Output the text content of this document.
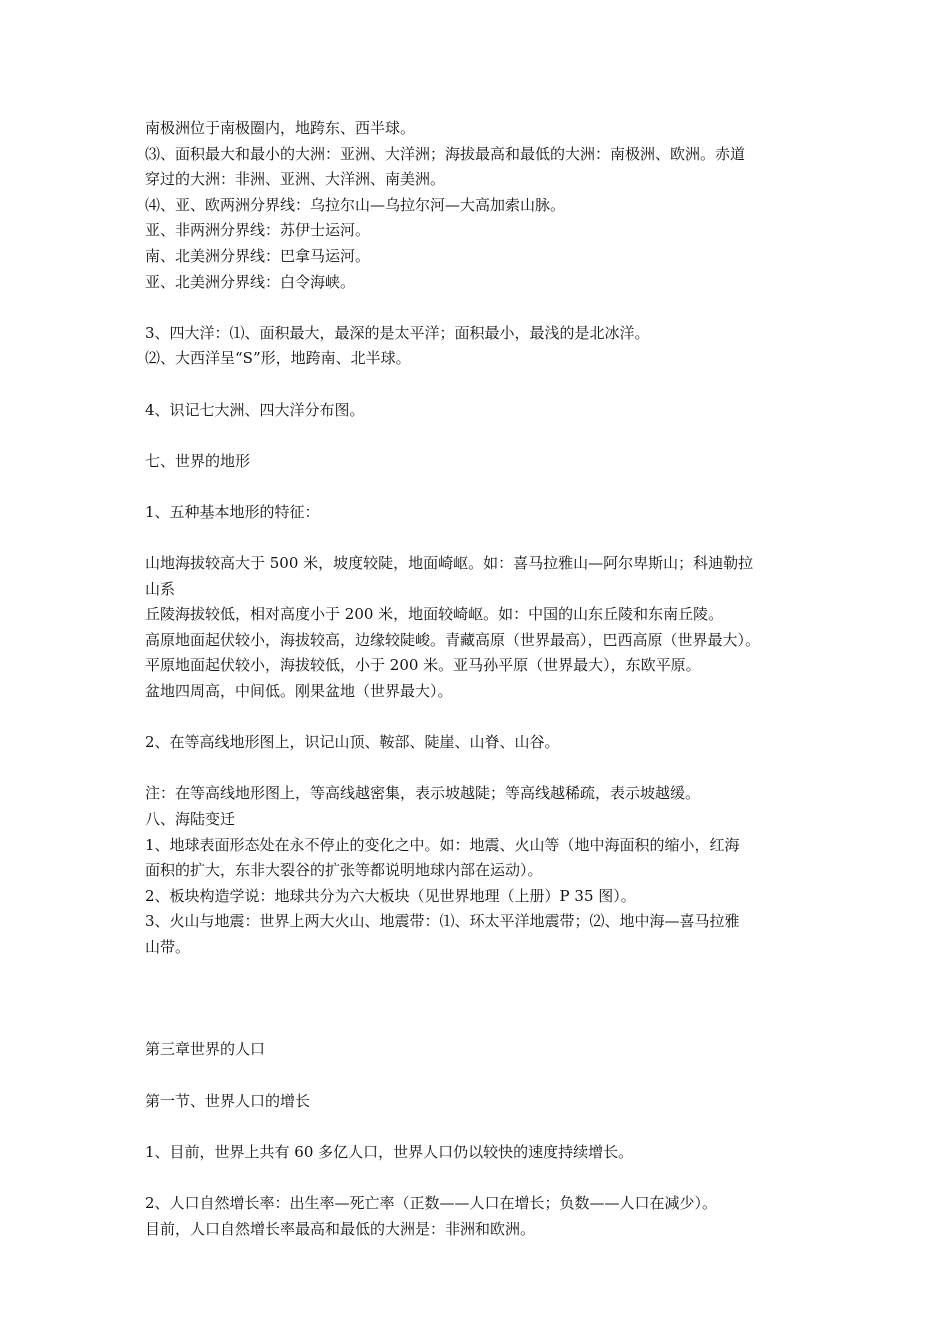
南极洲位于南极圈内，地跨东、西半球。
⑶、面积最大和最小的大洲：亚洲、大洋洲；海拔最高和最低的大洲：南极洲、欧洲。赤道
穿过的大洲：非洲、亚洲、大洋洲、南美洲。
⑷、亚、欧两洲分界线：乌拉尔山—乌拉尔河—大高加索山脉。
亚、非两洲分界线：苏伊士运河。
南、北美洲分界线：巴拿马运河。
亚、北美洲分界线：白令海峡。
3、四大洋：⑴、面积最大，最深的是太平洋；面积最小，最浅的是北冰洋。
⑵、大西洋呈“S”形，地跨南、北半球。
4、识记七大洲、四大洋分布图。
七、世界的地形
1、五种基本地形的特征：
山地海拔较高大于 500 米，坡度较陡，地面崎岖。如：喜马拉雅山—阿尔卑斯山；科迪勒拉
山系
丘陵海拔较低，相对高度小于 200 米，地面较崎岖。如：中国的山东丘陵和东南丘陵。
高原地面起伏较小，海拔较高，边缘较陡峻。青藏高原（世界最高），巴西高原（世界最大）。
平原地面起伏较小，海拔较低，小于 200 米。亚马孙平原（世界最大），东欧平原。
盆地四周高，中间低。刚果盆地（世界最大）。
2、在等高线地形图上，识记山顶、鞍部、陡崖、山脊、山谷。
注：在等高线地形图上，等高线越密集，表示坡越陡；等高线越稀疏，表示坡越缓。
八、海陆变迁
1、地球表面形态处在永不停止的变化之中。如：地震、火山等（地中海面积的缩小，红海
面积的扩大，东非大裂谷的扩张等都说明地球内部在运动）。
2、板块构造学说：地球共分为六大板块（见世界地理（上册）P 35 图）。
3、火山与地震：世界上两大火山、地震带：⑴、环太平洋地震带；⑵、地中海—喜马拉雅
山带。
第三章世界的人口
第一节、世界人口的增长
1、目前，世界上共有 60 多亿人口，世界人口仍以较快的速度持续增长。
2、人口自然增长率：出生率—死亡率（正数——人口在增长；负数——人口在减少）。
目前，人口自然增长率最高和最低的大洲是：非洲和欧洲。
